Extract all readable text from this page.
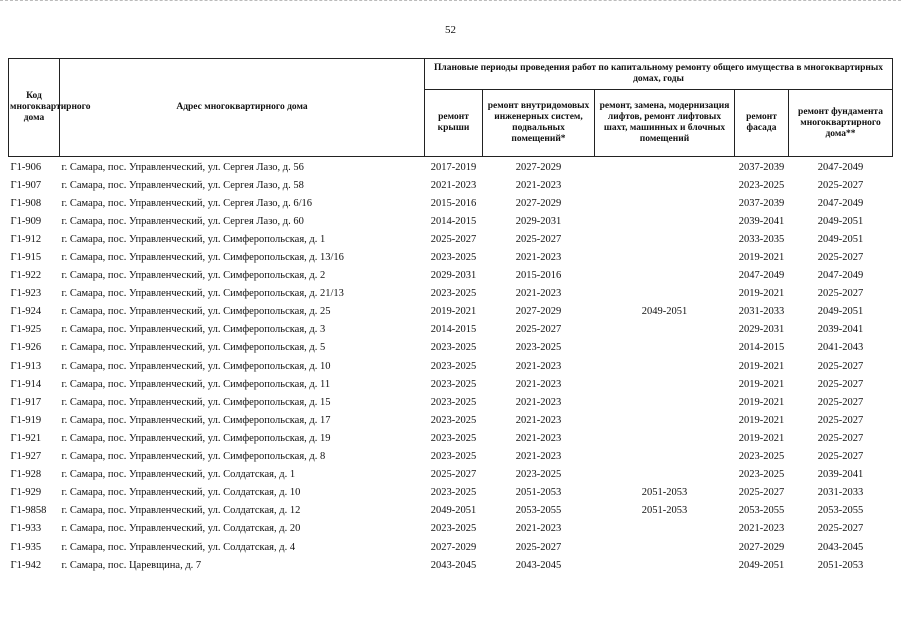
52
Код многоквартирного дома	Адрес многоквартирного дома	Плановые периоды проведения работ по капитальному ремонту общего имущества в многоквартирных домах, годы				
		ремонт крыши	ремонт внутридомовых инженерных систем, подвальных помещений*	ремонт, замена, модернизация лифтов, ремонт лифтовых шахт, машинных и блочных помещений	ремонт фасада	ремонт фундамента многоквартирного дома**
Г1-906	г. Самара, пос. Управленческий, ул. Сергея Лазо, д. 56	2017-2019	2027-2029		2037-2039	2047-2049
Г1-907	г. Самара, пос. Управленческий, ул. Сергея Лазо, д. 58	2021-2023	2021-2023		2023-2025	2025-2027
Г1-908	г. Самара, пос. Управленческий, ул. Сергея Лазо, д. 6/16	2015-2016	2027-2029		2037-2039	2047-2049
Г1-909	г. Самара, пос. Управленческий, ул. Сергея Лазо, д. 60	2014-2015	2029-2031		2039-2041	2049-2051
Г1-912	г. Самара, пос. Управленческий, ул. Симферопольская, д. 1	2025-2027	2025-2027		2033-2035	2049-2051
Г1-915	г. Самара, пос. Управленческий, ул. Симферопольская, д. 13/16	2023-2025	2021-2023		2019-2021	2025-2027
Г1-922	г. Самара, пос. Управленческий, ул. Симферопольская, д. 2	2029-2031	2015-2016		2047-2049	2047-2049
Г1-923	г. Самара, пос. Управленческий, ул. Симферопольская, д. 21/13	2023-2025	2021-2023		2019-2021	2025-2027
Г1-924	г. Самара, пос. Управленческий, ул. Симферопольская, д. 25	2019-2021	2027-2029	2049-2051	2031-2033	2049-2051
Г1-925	г. Самара, пос. Управленческий, ул. Симферопольская, д. 3	2014-2015	2025-2027		2029-2031	2039-2041
Г1-926	г. Самара, пос. Управленческий, ул. Симферопольская, д. 5	2023-2025	2023-2025		2014-2015	2041-2043
Г1-913	г. Самара, пос. Управленческий, ул. Симферопольская, д. 10	2023-2025	2021-2023		2019-2021	2025-2027
Г1-914	г. Самара, пос. Управленческий, ул. Симферопольская, д. 11	2023-2025	2021-2023		2019-2021	2025-2027
Г1-917	г. Самара, пос. Управленческий, ул. Симферопольская, д. 15	2023-2025	2021-2023		2019-2021	2025-2027
Г1-919	г. Самара, пос. Управленческий, ул. Симферопольская, д. 17	2023-2025	2021-2023		2019-2021	2025-2027
Г1-921	г. Самара, пос. Управленческий, ул. Симферопольская, д. 19	2023-2025	2021-2023		2019-2021	2025-2027
Г1-927	г. Самара, пос. Управленческий, ул. Симферопольская, д. 8	2023-2025	2021-2023		2023-2025	2025-2027
Г1-928	г. Самара, пос. Управленческий, ул. Солдатская, д. 1	2025-2027	2023-2025		2023-2025	2039-2041
Г1-929	г. Самара, пос. Управленческий, ул. Солдатская, д. 10	2023-2025	2051-2053	2051-2053	2025-2027	2031-2033
Г1-9858	г. Самара, пос. Управленческий, ул. Солдатская, д. 12	2049-2051	2053-2055	2051-2053	2053-2055	2053-2055
Г1-933	г. Самара, пос. Управленческий, ул. Солдатская, д. 20	2023-2025	2021-2023		2021-2023	2025-2027
Г1-935	г. Самара, пос. Управленческий, ул. Солдатская, д. 4	2027-2029	2025-2027		2027-2029	2043-2045
Г1-942	г. Самара, пос. Царевщина, д. 7	2043-2045	2043-2045		2049-2051	2051-2053
